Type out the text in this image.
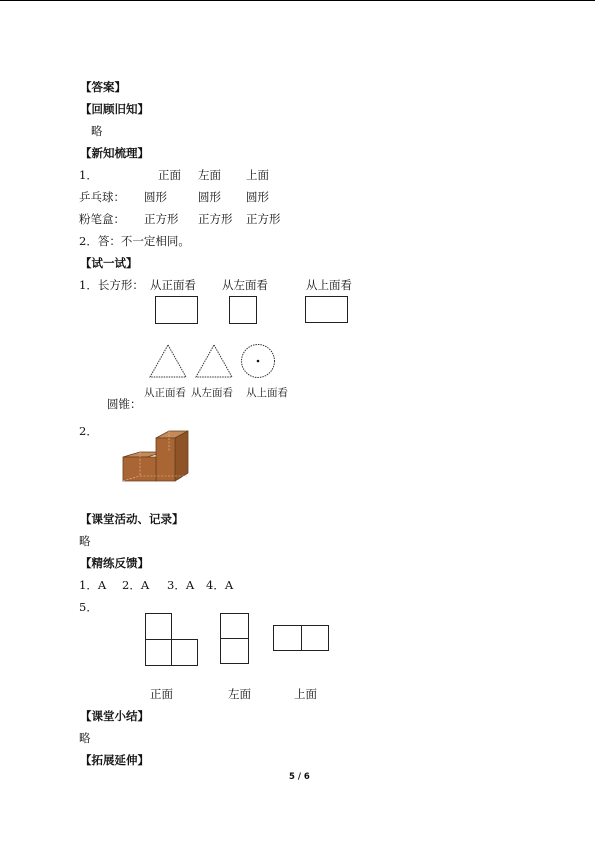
【答案】
【回顾旧知】
略
【新知梳理】
1．	正面 左面 上面
乒乓球： 圆形	圆形 圆形
粉笔盒： 正方形 正方形 正方形
2．答：不一定相同。
【试一试】
1．长方形： 从正面看 从左面看	从上面看
从正面看 从左面看 从上面看
圆锥：
2．
【课堂活动、记录】
略
【精练反馈】
1．A 2．A 3．A 4．A
5．
正面	左面	上面
【课堂小结】
略
【拓展延伸】
5 / 6
